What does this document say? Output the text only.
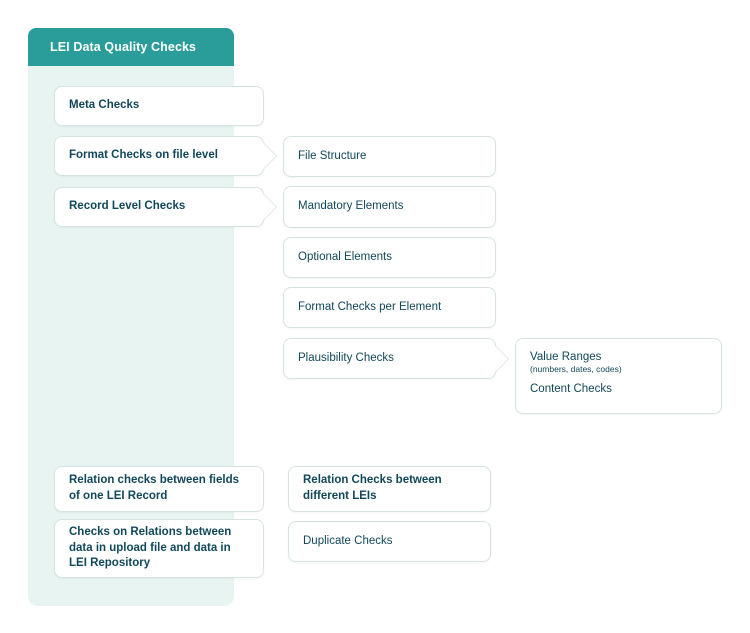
LEI Data Quality Checks
Meta Checks
Format Checks on file level
Record Level Checks
Relation checks between fields of one LEI Record
Checks on Relations between data in upload file and data in LEI Repository
File Structure
Mandatory Elements
Optional Elements
Format Checks per Element
Plausibility Checks
Relation Checks between different LEIs
Duplicate Checks
Value Ranges
(numbers, dates, codes)
Content Checks
